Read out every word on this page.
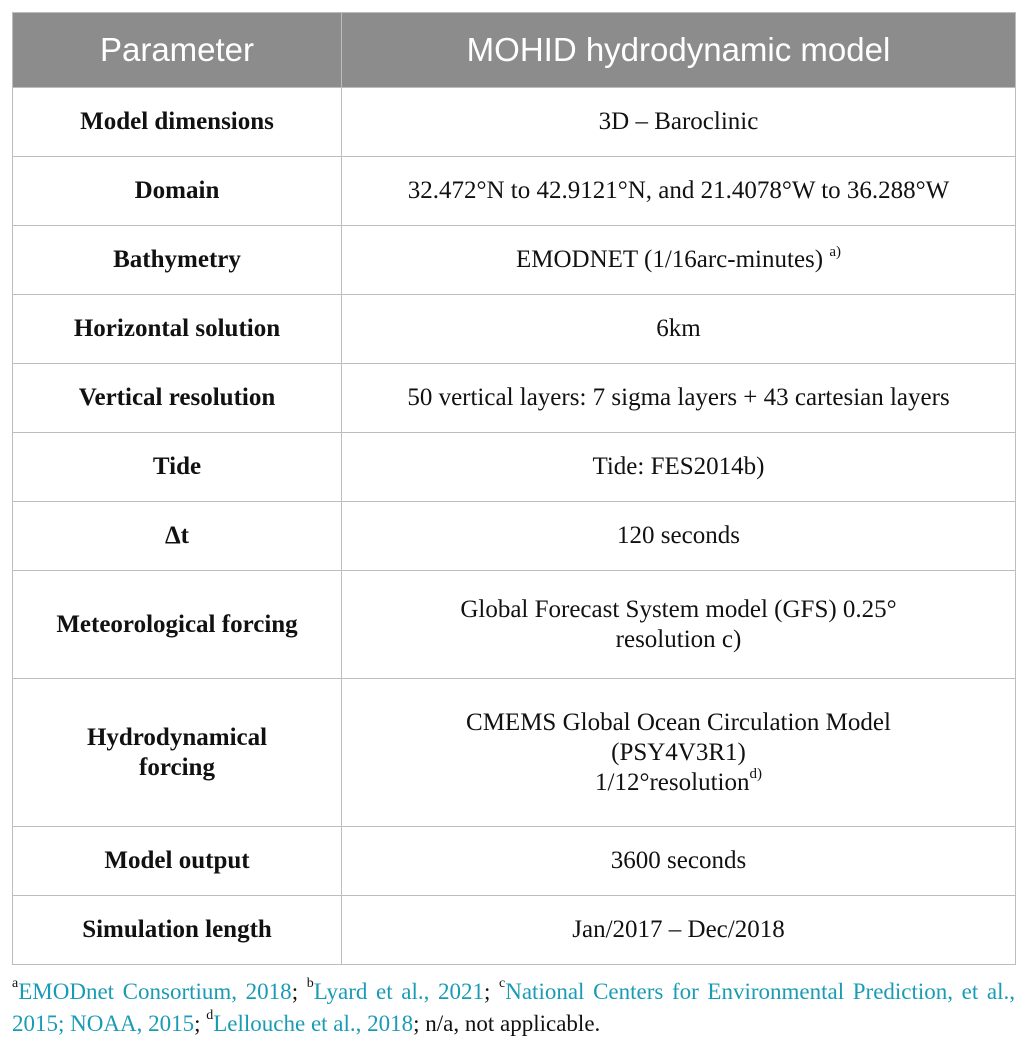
Parameter	MOHID hydrodynamic model
Model dimensions	3D – Baroclinic
Domain	32.472°N to 42.9121°N, and 21.4078°W to 36.288°W
Bathymetry	EMODNET (1/16arc-minutes) $^{a)}$
Horizontal solution	6km
Vertical resolution	50 vertical layers: 7 sigma layers + 43 cartesian layers
Tide	Tide: FES2014b)
Δt	120 seconds
Meteorological forcing	Global Forecast System model (GFS) 0.25°
resolution c)

Hydrodynamical
forcing	CMEMS Global Ocean Circulation Model
(PSY4V3R1)
1/12°resolution$^{d)}$

Model output	3600 seconds
Simulation length	Jan/2017 – Dec/2018
$^a$EMODnet Consortium, 2018; $^b$Lyard et al., 2021; $^c$National Centers for Environmental Prediction, et al., 2015; NOAA, 2015; $^d$Lellouche et al., 2018; n/a, not applicable.
